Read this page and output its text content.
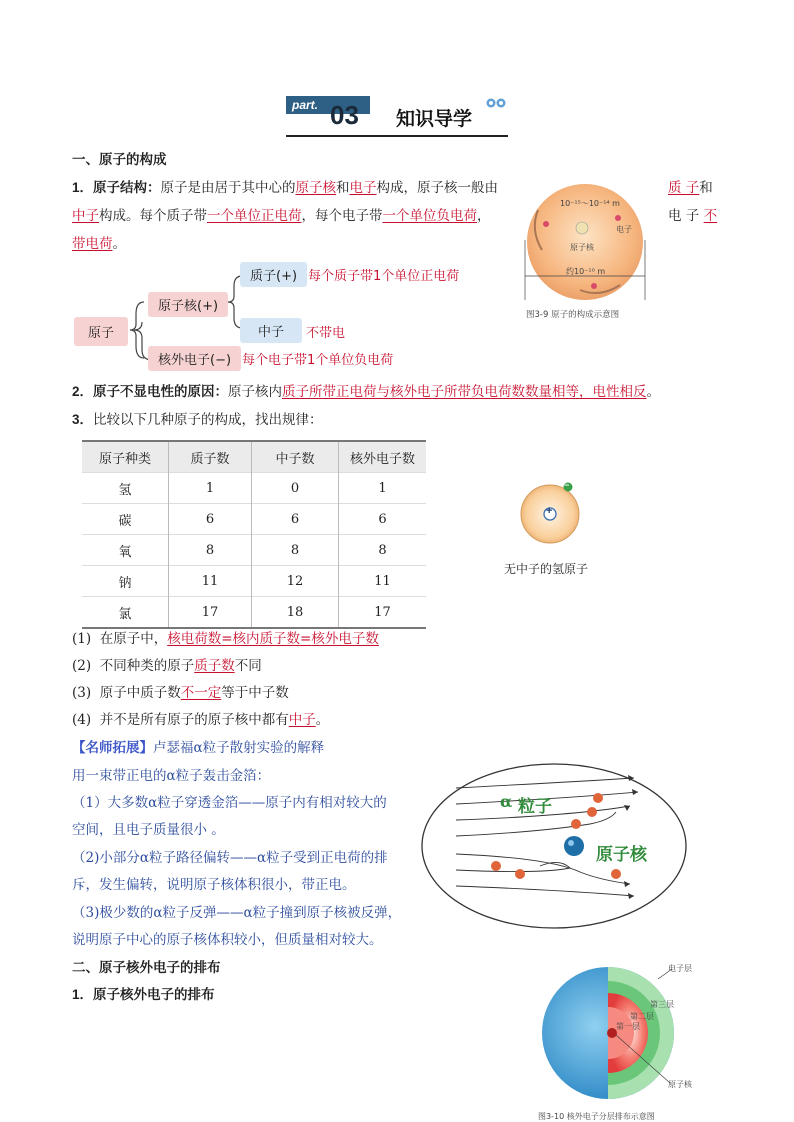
part. 03 知识导学
一、原子的构成
1．原子结构：原子是由居于其中心的原子核和电子构成，原子核一般由	质 子和
中子构成。每个质子带一个单位正电荷，每个电子带一个单位负电荷，	电 子 不
带电荷。
10⁻¹⁵～10⁻¹⁴ m
原子核
电子
约10⁻¹⁰ m
图3-9 原子的构成示意图
原子
原子核(+)
质子(+) 每个质子带1个单位正电荷
中子	不带电
核外电子(−) 每个电子带1个单位负电荷
2．原子不显电性的原因：原子核内质子所带正电荷与核外电子所带负电荷数数量相等，电性相反。
3．比较以下几种原子的构成，找出规律：
原子种类	质子数	中子数	核外电子数
氢	1	0	1
碳	6	6	6
氧	8	8	8
钠	11	12	11
氯	17	18	17
+
−
无中子的氢原子
(1) 在原子中，核电荷数=核内质子数=核外电子数
(2) 不同种类的原子质子数不同
(3) 原子中质子数不一定等于中子数
(4) 并不是所有原子的原子核中都有中子。
【名师拓展】卢瑟福α粒子散射实验的解释
用一束带正电的α粒子轰击金箔：
（1）大多数α粒子穿透金箔——原子内有相对较大的
空间，且电子质量很小 。
（2)小部分α粒子路径偏转——α粒子受到正电荷的排
斥，发生偏转，说明原子核体积很小，带正电。
（3)极少数的α粒子反弹——α粒子撞到原子核被反弹，
说明原子中心的原子核体积较小，但质量相对较大。
α 粒子
原子核
二、原子核外电子的排布
1．原子核外电子的排布
电子层
第三层
第二层
第一层
原子核
图3-10 核外电子分层排布示意图
